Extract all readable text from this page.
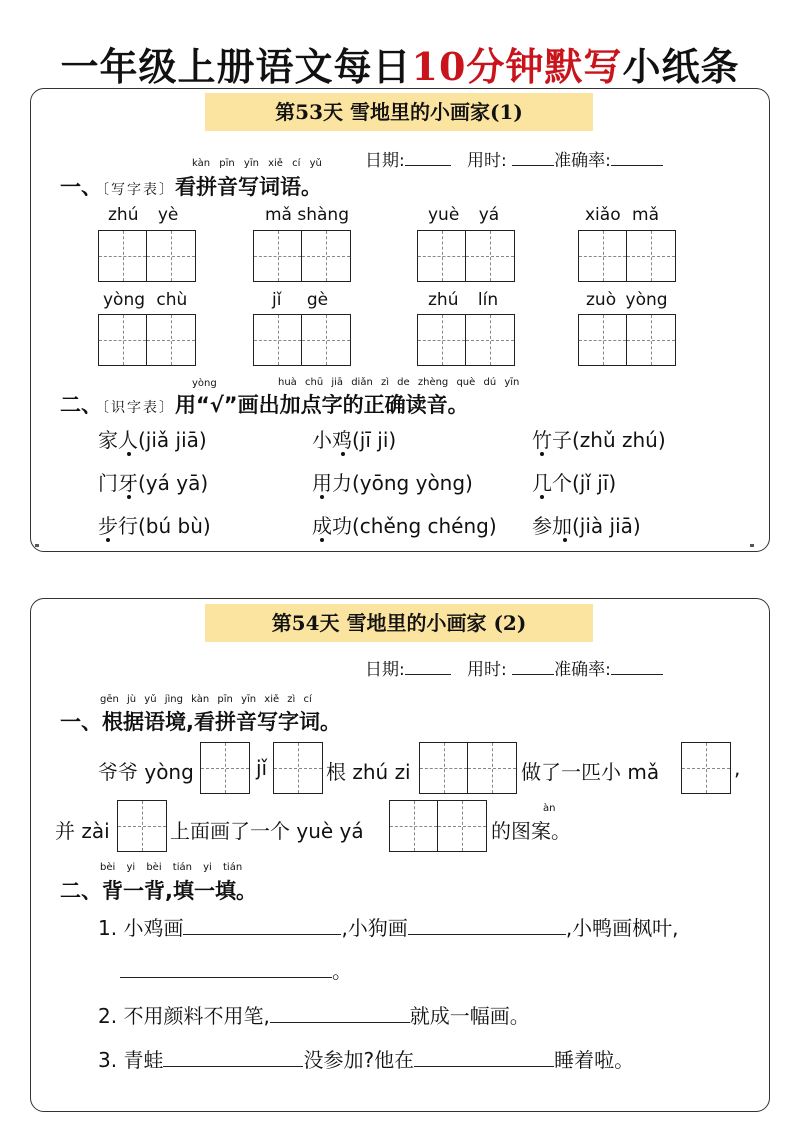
一年级上册语文每日10分钟默写小纸条
第53天 雪地里的小画家(1)
日期:	用时:	准确率:
kàn pīn yīn xiě cí yǔ
一、〔写字表〕看拼音写词语。
zhú yè	mǎ shàng	yuè yá	xiǎo mǎ
yòng chù	jǐ gè	zhú lín	zuò yòng
yòng	huà chū jiā diǎn zì de zhèng què dú yīn
二、〔识字表〕用“√”画出加点字的正确读音。
家人(jiǎ jiā)	小鸡(jī ji)	竹子(zhǔ zhú)
门牙(yá yā)	用力(yōng yòng)	几个(jǐ jī)
步行(bú bù)	成功(chěng chéng) 参加(jià jiā)
第54天 雪地里的小画家 (2)
日期:	用时:	准确率:
gēn jù yǔ jìng kàn pīn yīn xiě zì cí
一、根据语境,看拼音写字词。
爷爷 yòng	jǐ	根 zhú zi	做了一匹小 mǎ	,
àn
并 zài	上面画了一个 yuè yá	的图案。
bèi yi bèi tián yi tián
二、背一背,填一填。
1. 小鸡画	,小狗画	,小鸭画枫叶,
。
2. 不用颜料不用笔,	就成一幅画。
3. 青蛙	没参加?他在	睡着啦。
